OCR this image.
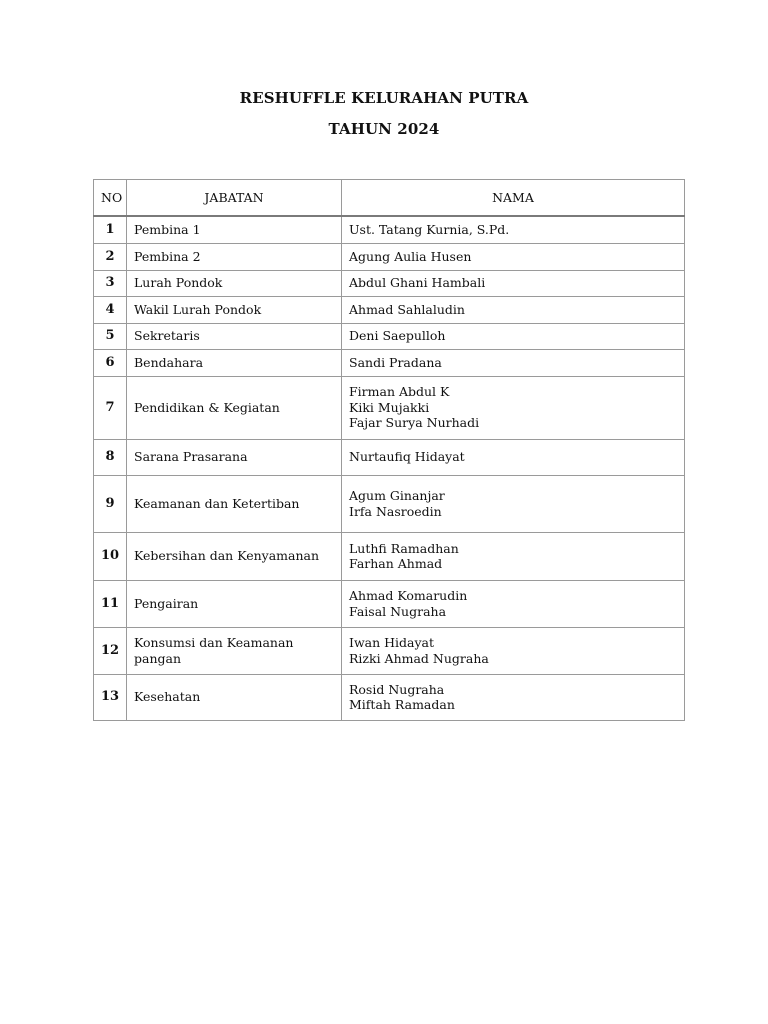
RESHUFFLE KELURAHAN PUTRA
TAHUN 2024
NO	JABATAN	NAMA
1	Pembina 1	Ust. Tatang Kurnia, S.Pd.

2	Pembina 2	Agung Aulia Husen

3	Lurah Pondok	Abdul Ghani Hambali

4	Wakil Lurah Pondok	Ahmad Sahlaludin

5	Sekretaris	Deni Saepulloh

6	Bendahara	Sandi Pradana

7	Pendidikan & Kegiatan	Firman Abdul K
Kiki Mujakki
Fajar Surya Nurhadi

8	Sarana Prasarana	Nurtaufiq Hidayat

9	Keamanan dan Ketertiban	Agum Ginanjar
Irfa Nasroedin

10	Kebersihan dan Kenyamanan	Luthfi Ramadhan
Farhan Ahmad

11	Pengairan	Ahmad Komarudin
Faisal Nugraha

12	Konsumsi dan Keamanan pangan	Iwan Hidayat
Rizki Ahmad Nugraha

13	Kesehatan	Rosid Nugraha
Miftah Ramadan
